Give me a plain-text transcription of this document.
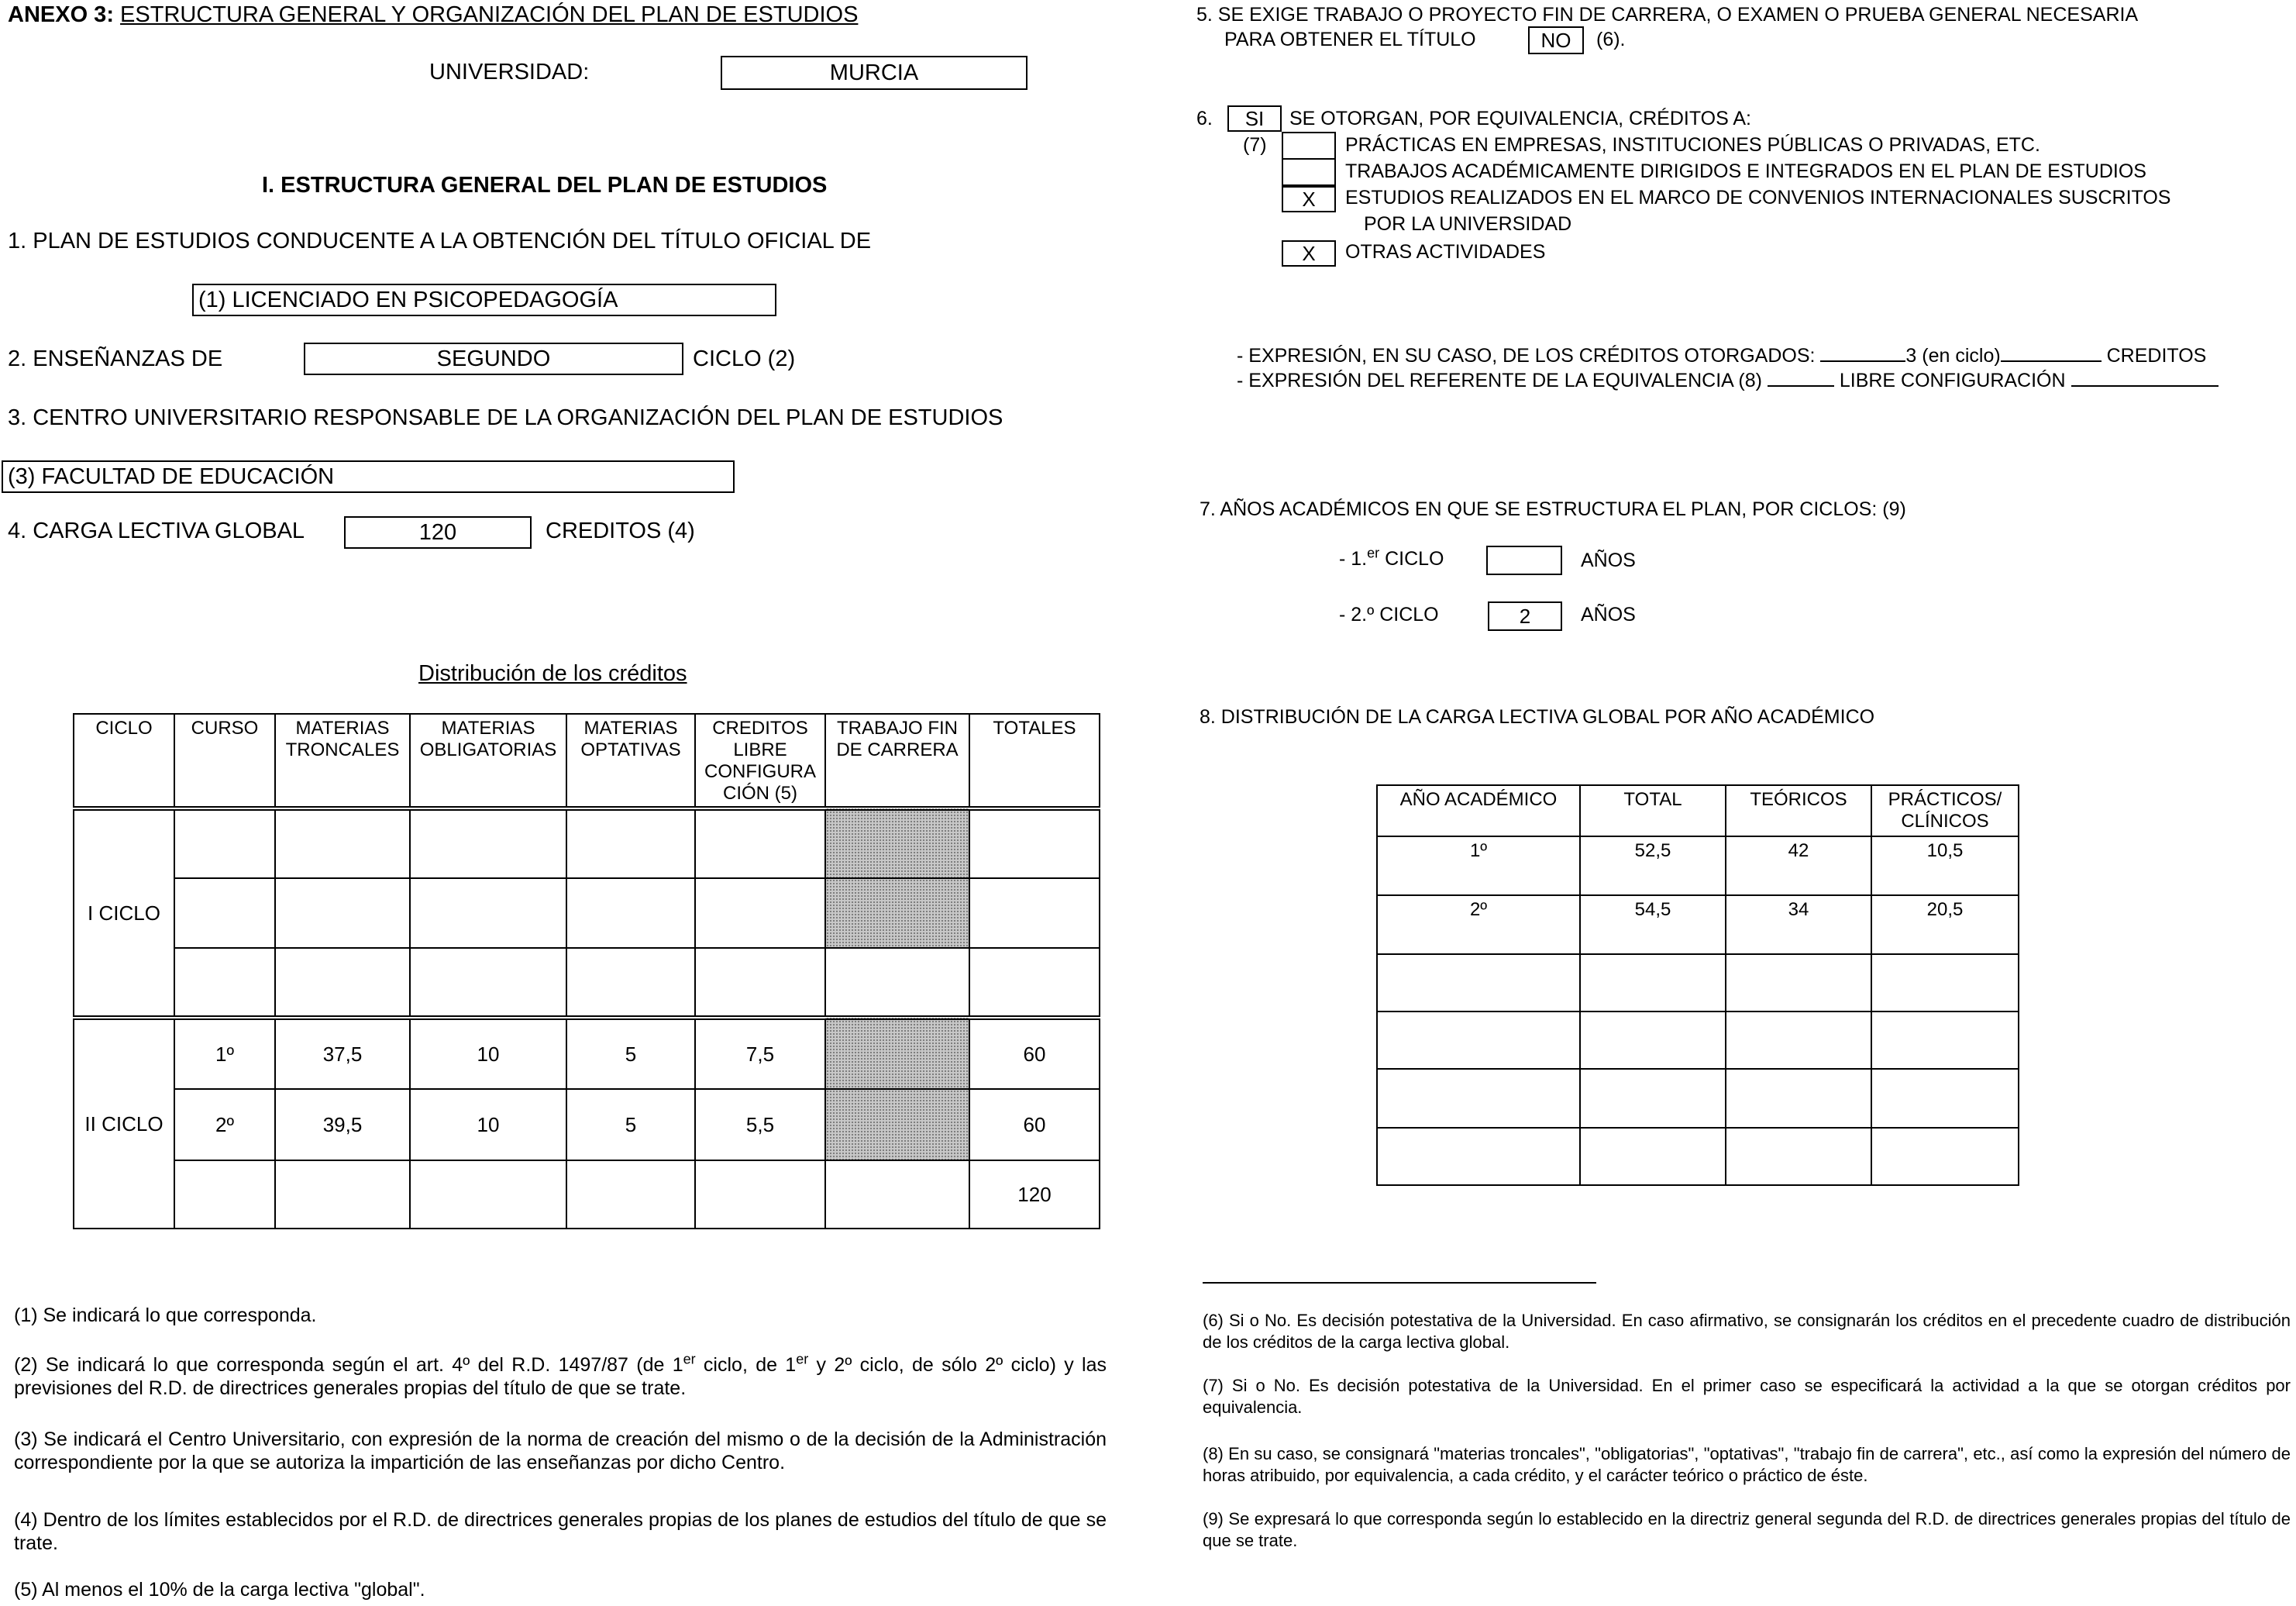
ANEXO 3: ESTRUCTURA GENERAL Y ORGANIZACIÓN DEL PLAN DE ESTUDIOS
UNIVERSIDAD:	MURCIA
I. ESTRUCTURA GENERAL DEL PLAN DE ESTUDIOS
1. PLAN DE ESTUDIOS CONDUCENTE A LA OBTENCIÓN DEL TÍTULO OFICIAL DE
(1) LICENCIADO EN PSICOPEDAGOGÍA
2. ENSEÑANZAS DE	SEGUNDO	CICLO (2)
3. CENTRO UNIVERSITARIO RESPONSABLE DE LA ORGANIZACIÓN DEL PLAN DE ESTUDIOS
(3) FACULTAD DE EDUCACIÓN
4. CARGA LECTIVA GLOBAL	120	CREDITOS (4)
Distribución de los créditos
CICLO	CURSO	MATERIAS TRONCALES	MATERIAS OBLIGATORIAS	MATERIAS OPTATIVAS	CREDITOS LIBRE CONFIGURA CIÓN (5)	TRABAJO FIN DE CARRERA	TOTALES
I CICLO							

II CICLO	1º	37,5	10	5	7,5		60
	2º	39,5	10	5	5,5		60
							120
(1) Se indicará lo que corresponda.
(2) Se indicará lo que corresponda según el art. 4º del R.D. 1497/87 (de 1er ciclo, de 1er y 2º ciclo, de sólo 2º ciclo) y las previsiones del R.D. de directrices generales propias del título de que se trate.
(3) Se indicará el Centro Universitario, con expresión de la norma de creación del mismo o de la decisión de la Administración correspondiente por la que se autoriza la impartición de las enseñanzas por dicho Centro.
(4) Dentro de los límites establecidos por el R.D. de directrices generales propias de los planes de estudios del título de que se trate.
(5) Al menos el 10% de la carga lectiva "global".
5. SE EXIGE TRABAJO O PROYECTO FIN DE CARRERA, O EXAMEN O PRUEBA GENERAL NECESARIA
PARA OBTENER EL TÍTULO	NO	(6).
6.	SI	SE OTORGAN, POR EQUIVALENCIA, CRÉDITOS A:
(7)	PRÁCTICAS EN EMPRESAS, INSTITUCIONES PÚBLICAS O PRIVADAS, ETC.
TRABAJOS ACADÉMICAMENTE DIRIGIDOS E INTEGRADOS EN EL PLAN DE ESTUDIOS
X	ESTUDIOS REALIZADOS EN EL MARCO DE CONVENIOS INTERNACIONALES SUSCRITOS
POR LA UNIVERSIDAD
X	OTRAS ACTIVIDADES
- EXPRESIÓN, EN SU CASO, DE LOS CRÉDITOS OTORGADOS:	3 (en ciclo)	CREDITOS
- EXPRESIÓN DEL REFERENTE DE LA EQUIVALENCIA (8)	LIBRE CONFIGURACIÓN
7. AÑOS ACADÉMICOS EN QUE SE ESTRUCTURA EL PLAN, POR CICLOS: (9)
- 1.$^{er}$ CICLO	AÑOS
- 2.º CICLO	2	AÑOS
8. DISTRIBUCIÓN DE LA CARGA LECTIVA GLOBAL POR AÑO ACADÉMICO
AÑO ACADÉMICO	TOTAL	TEÓRICOS	PRÁCTICOS/ CLÍNICOS
1º	52,5	42	10,5
2º	54,5	34	20,5

(6) Si o No. Es decisión potestativa de la Universidad. En caso afirmativo, se consignarán los créditos en el precedente cuadro de distribución de los créditos de la carga lectiva global.
(7) Si o No. Es decisión potestativa de la Universidad. En el primer caso se especificará la actividad a la que se otorgan créditos por equivalencia.
(8) En su caso, se consignará "materias troncales", "obligatorias", "optativas", "trabajo fin de carrera", etc., así como la expresión del número de horas atribuido, por equivalencia, a cada crédito, y el carácter teórico o práctico de éste.
(9) Se expresará lo que corresponda según lo establecido en la directriz general segunda del R.D. de directrices generales propias del título de que se trate.
